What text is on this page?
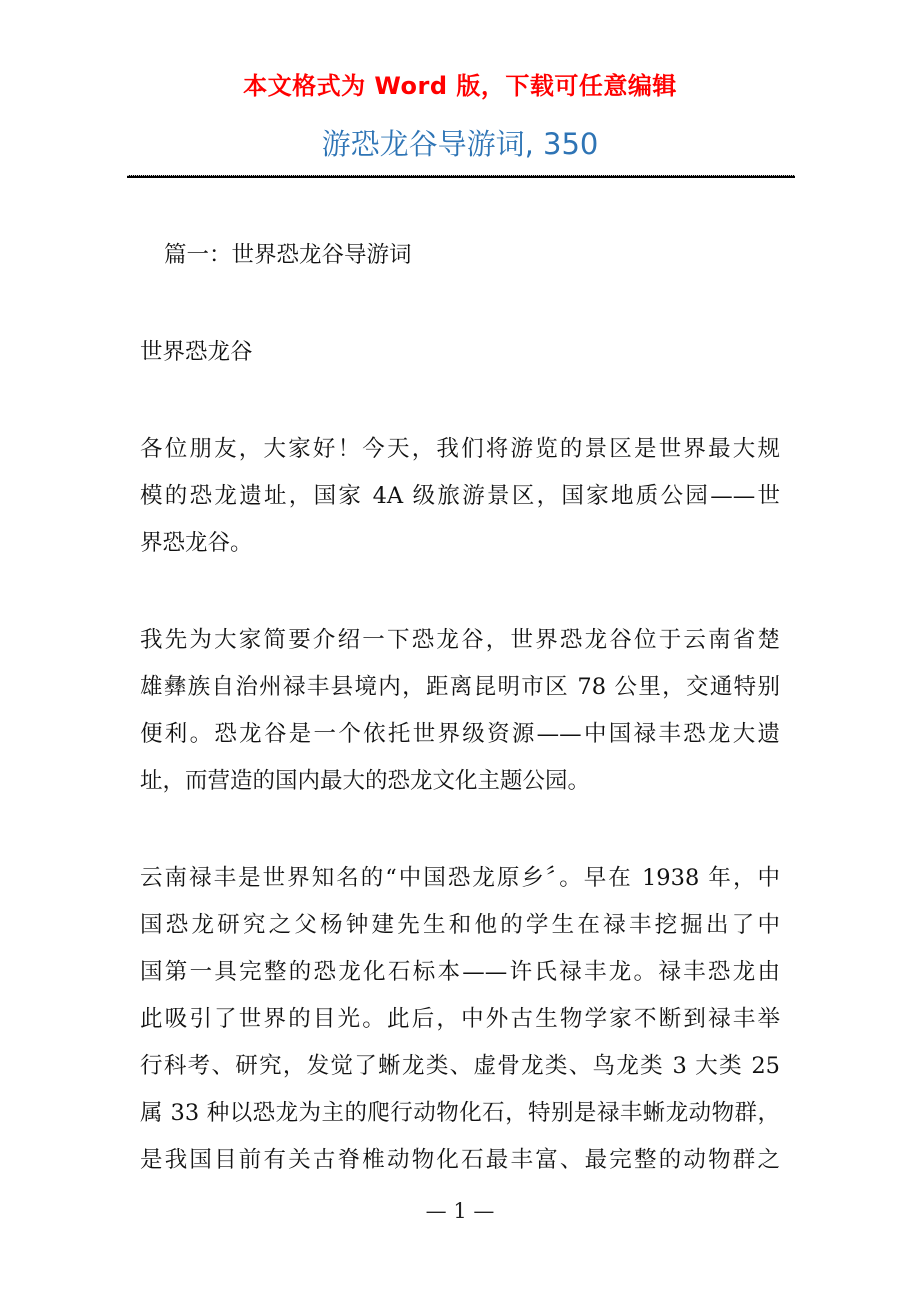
本文格式为 Word 版，下载可任意编辑
游恐龙谷导游词, 350
篇一：世界恐龙谷导游词
世界恐龙谷
各位朋友，大家好！今天，我们将游览的景区是世界最大规
模的恐龙遗址，国家 4A 级旅游景区，国家地质公园——世
界恐龙谷。
我先为大家简要介绍一下恐龙谷，世界恐龙谷位于云南省楚
雄彝族自治州禄丰县境内，距离昆明市区 78 公里，交通特别
便利。恐龙谷是一个依托世界级资源——中国禄丰恐龙大遗
址，而营造的国内最大的恐龙文化主题公园。
云南禄丰是世界知名的“中国恐龙原乡〞。早在 1938 年，中
国恐龙研究之父杨钟建先生和他的学生在禄丰挖掘出了中
国第一具完整的恐龙化石标本——许氏禄丰龙。禄丰恐龙由
此吸引了世界的目光。此后，中外古生物学家不断到禄丰举
行科考、研究，发觉了蜥龙类、虚骨龙类、鸟龙类 3 大类 25
属 33 种以恐龙为主的爬行动物化石，特别是禄丰蜥龙动物群，
是我国目前有关古脊椎动物化石最丰富、最完整的动物群之
— 1 —
